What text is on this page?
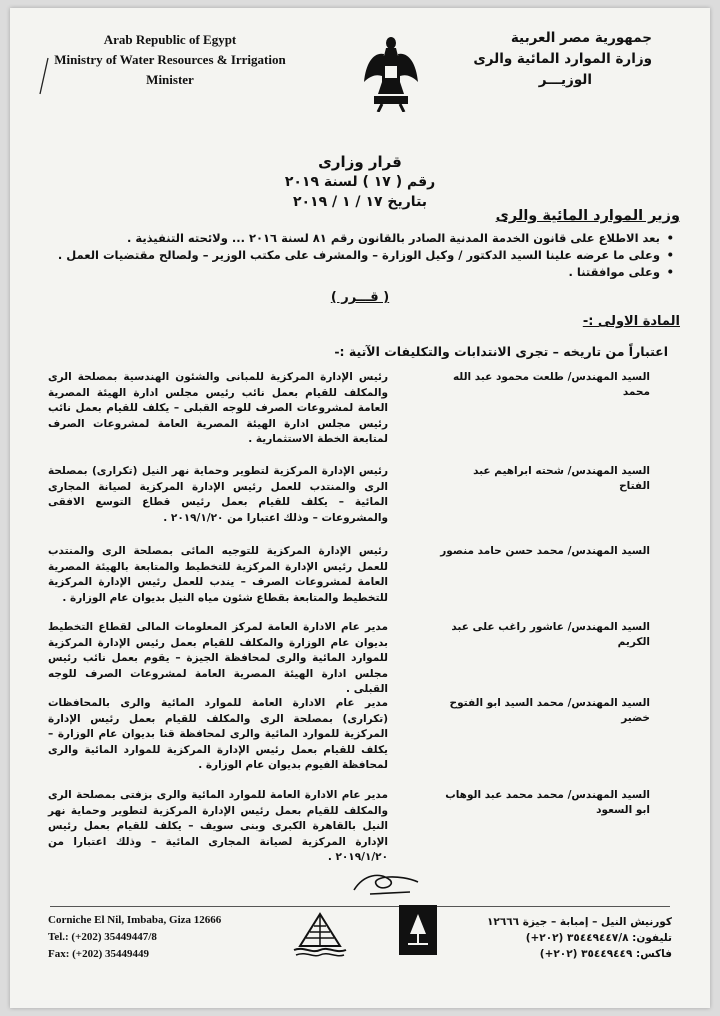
Arab Republic of Egypt
Ministry of Water Resources & Irrigation
Minister
جمهورية مصر العربية
وزارة الموارد المائية والرى
الوزيـــر
قرار وزارى
رقم ( ١٧ ) لسنة ٢٠١٩
بتاريخ ١٧ / ١ / ٢٠١٩
وزير الموارد المائية والرى
• بعد الاطلاع على قانون الخدمة المدنية الصادر بالقانون رقم ٨١ لسنة ٢٠١٦ ... ولائحته التنفيذية .
• وعلى ما عرضه علينا السيد الدكتور / وكيل الوزارة – والمشرف على مكتب الوزير – ولصالح مقتضيات العمل .
• وعلى موافقتنا .
( قـــرر )
المادة الاولى :-
اعتباراً من تاريخه – تجرى الانتدابات والتكليفات الآتية :-
السيد المهندس/ طلعت محمود عبد الله محمد
رئيس الإدارة المركزية للمبانى والشئون الهندسية بمصلحة الرى والمكلف للقيام بعمل نائب رئيس مجلس ادارة الهيئة المصرية العامة لمشروعات الصرف للوجه القبلى – يكلف للقيام بعمل نائب رئيس مجلس ادارة الهيئة المصرية العامة لمشروعات الصرف لمتابعة الخطة الاستثمارية .
السيد المهندس/ شحته ابراهيم عبد الفتاح
رئيس الإدارة المركزية لتطوير وحماية نهر النيل (تكرارى) بمصلحة الرى والمنتدب للعمل رئيس الإدارة المركزية لصيانة المجارى المائية – يكلف للقيام بعمل رئيس قطاع التوسع الافقى والمشروعات – وذلك اعتبارا من ٢٠١٩/١/٢٠ .
السيد المهندس/ محمد حسن حامد منصور
رئيس الإدارة المركزية للتوجيه المائى بمصلحة الرى والمنتدب للعمل رئيس الإدارة المركزية للتخطيط والمتابعة بالهيئة المصرية العامة لمشروعات الصرف – يندب للعمل رئيس الإدارة المركزية للتخطيط والمتابعة بقطاع شئون مياه النيل بديوان عام الوزارة .
السيد المهندس/ عاشور راغب على عبد الكريم
مدير عام الادارة العامة لمركز المعلومات المالى لقطاع التخطيط بديوان عام الوزارة والمكلف للقيام بعمل رئيس الإدارة المركزية للموارد المائية والرى لمحافظة الجيزة – يقوم بعمل نائب رئيس مجلس ادارة الهيئة المصرية العامة لمشروعات الصرف للوجه القبلى .
السيد المهندس/ محمد السيد ابو الفتوح خضير
مدير عام الادارة العامة للموارد المائية والرى بالمحافظات (تكرارى) بمصلحة الرى والمكلف للقيام بعمل رئيس الإدارة المركزية للموارد المائية والرى لمحافظة قنا بديوان عام الوزارة – يكلف للقيام بعمل رئيس الإدارة المركزية للموارد المائية والرى لمحافظة الفيوم بديوان عام الوزارة .
السيد المهندس/ محمد محمد عبد الوهاب ابو السعود
مدير عام الادارة العامة للموارد المائية والرى بزفتى بمصلحة الرى والمكلف للقيام بعمل رئيس الإدارة المركزية لتطوير وحماية نهر النيل بالقاهرة الكبرى وبنى سويف – يكلف للقيام بعمل رئيس الإدارة المركزية لصيانة المجارى المائية – وذلك اعتبارا من ٢٠١٩/١/٢٠ .
Corniche El Nil, Imbaba, Giza 12666
Tel.: (+202) 35449447/8
Fax: (+202) 35449449
كورنيش النيل – إمبابة – جيزة ١٢٦٦٦
تليفون: ٣٥٤٤٩٤٤٧/٨ (٢٠٢+)
فاكس: ٣٥٤٤٩٤٤٩ (٢٠٢+)
